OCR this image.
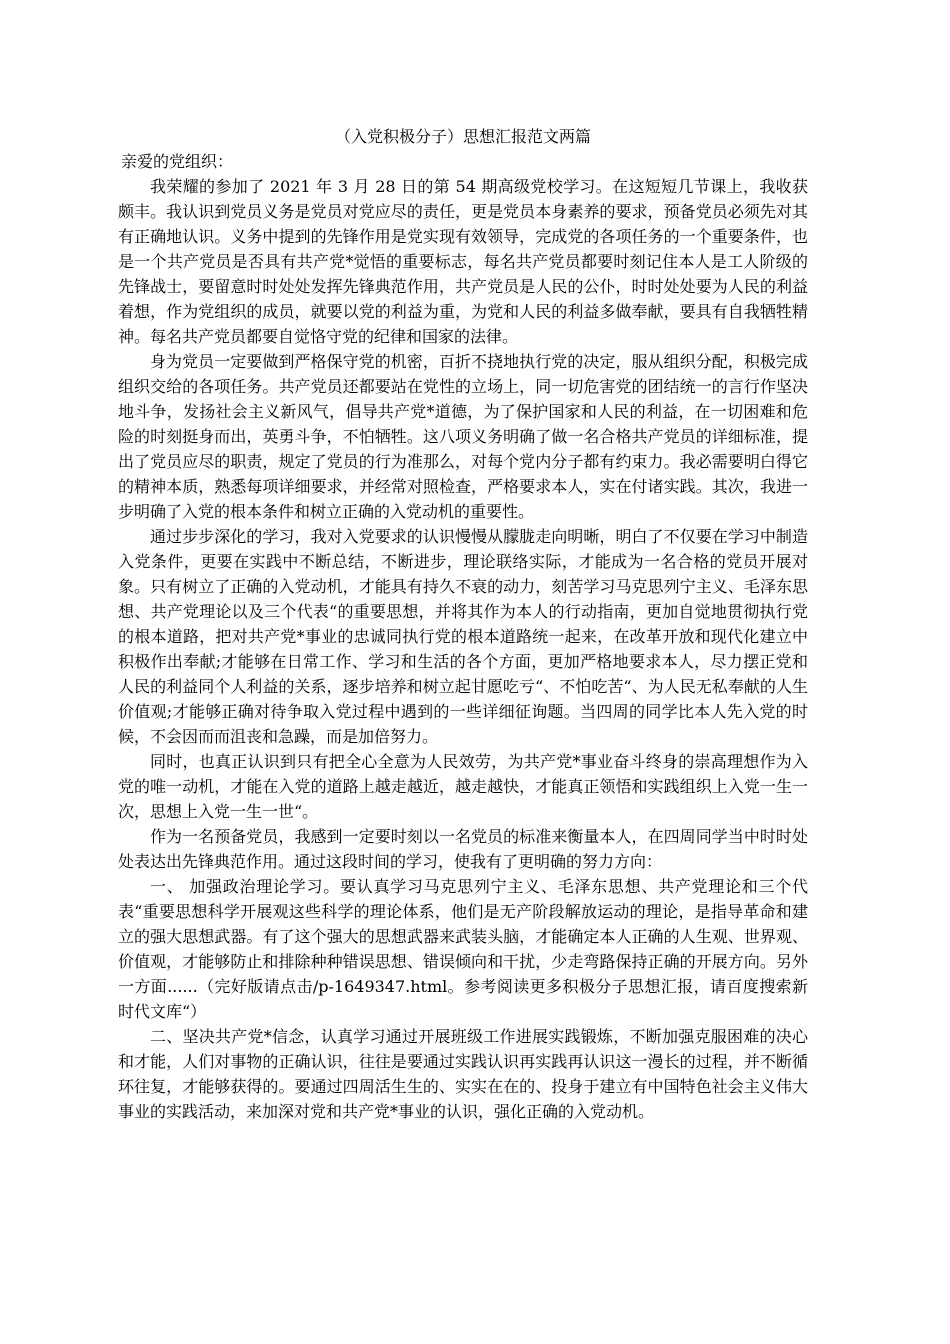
（入党积极分子）思想汇报范文两篇

亲爱的党组织：

我荣耀的参加了 2021 年 3 月 28 日的第 54 期高级党校学习。在这短短几节课上，我收获颇丰。我认识到党员义务是党员对党应尽的责任，更是党员本身素养的要求，预备党员必须先对其有正确地认识。义务中提到的先锋作用是党实现有效领导，完成党的各项任务的一个重要条件，也是一个共产党员是否具有共产党*觉悟的重要标志，每名共产党员都要时刻记住本人是工人阶级的先锋战士，要留意时时处处发挥先锋典范作用，共产党员是人民的公仆，时时处处要为人民的利益着想，作为党组织的成员，就要以党的利益为重，为党和人民的利益多做奉献，要具有自我牺牲精神。每名共产党员都要自觉恪守党的纪律和国家的法律。

身为党员一定要做到严格保守党的机密，百折不挠地执行党的决定，服从组织分配，积极完成组织交给的各项任务。共产党员还都要站在党性的立场上，同一切危害党的团结统一的言行作坚决地斗争，发扬社会主义新风气，倡导共产党*道德，为了保护国家和人民的利益，在一切困难和危险的时刻挺身而出，英勇斗争，不怕牺牲。这八项义务明确了做一名合格共产党员的详细标准，提出了党员应尽的职责，规定了党员的行为准那么，对每个党内分子都有约束力。我必需要明白得它的精神本质，熟悉每项详细要求，并经常对照检查，严格要求本人，实在付诸实践。其次，我进一步明确了入党的根本条件和树立正确的入党动机的重要性。

通过步步深化的学习，我对入党要求的认识慢慢从朦胧走向明晰，明白了不仅要在学习中制造入党条件，更要在实践中不断总结，不断进步，理论联络实际，才能成为一名合格的党员开展对象。只有树立了正确的入党动机，才能具有持久不衰的动力，刻苦学习马克思列宁主义、毛泽东思想、共产党理论以及三个代表“的重要思想，并将其作为本人的行动指南，更加自觉地贯彻执行党的根本道路，把对共产党*事业的忠诚同执行党的根本道路统一起来，在改革开放和现代化建立中积极作出奉献;才能够在日常工作、学习和生活的各个方面，更加严格地要求本人，尽力摆正党和人民的利益同个人利益的关系，逐步培养和树立起甘愿吃亏“、不怕吃苦“、为人民无私奉献的人生价值观;才能够正确对待争取入党过程中遇到的一些详细征询题。当四周的同学比本人先入党的时候，不会因而而沮丧和急躁，而是加倍努力。

同时，也真正认识到只有把全心全意为人民效劳，为共产党*事业奋斗终身的崇高理想作为入党的唯一动机，才能在入党的道路上越走越近，越走越快，才能真正领悟和实践组织上入党一生一次，思想上入党一生一世“。

作为一名预备党员，我感到一定要时刻以一名党员的标准来衡量本人，在四周同学当中时时处处表达出先锋典范作用。通过这段时间的学习，使我有了更明确的努力方向：

一、 加强政治理论学习。要认真学习马克思列宁主义、毛泽东思想、共产党理论和三个代表“重要思想科学开展观这些科学的理论体系，他们是无产阶段解放运动的理论，是指导革命和建立的强大思想武器。有了这个强大的思想武器来武装头脑，才能确定本人正确的人生观、世界观、价值观，才能够防止和排除种种错误思想、错误倾向和干扰，少走弯路保持正确的开展方向。另外一方面......（完好版请点击/p-1649347.html。参考阅读更多积极分子思想汇报，请百度搜索新时代文库“）

二、坚决共产党*信念，认真学习通过开展班级工作进展实践锻炼，不断加强克服困难的决心和才能，人们对事物的正确认识，往往是要通过实践认识再实践再认识这一漫长的过程，并不断循环往复，才能够获得的。要通过四周活生生的、实实在在的、投身于建立有中国特色社会主义伟大事业的实践活动，来加深对党和共产党*事业的认识，强化正确的入党动机。
